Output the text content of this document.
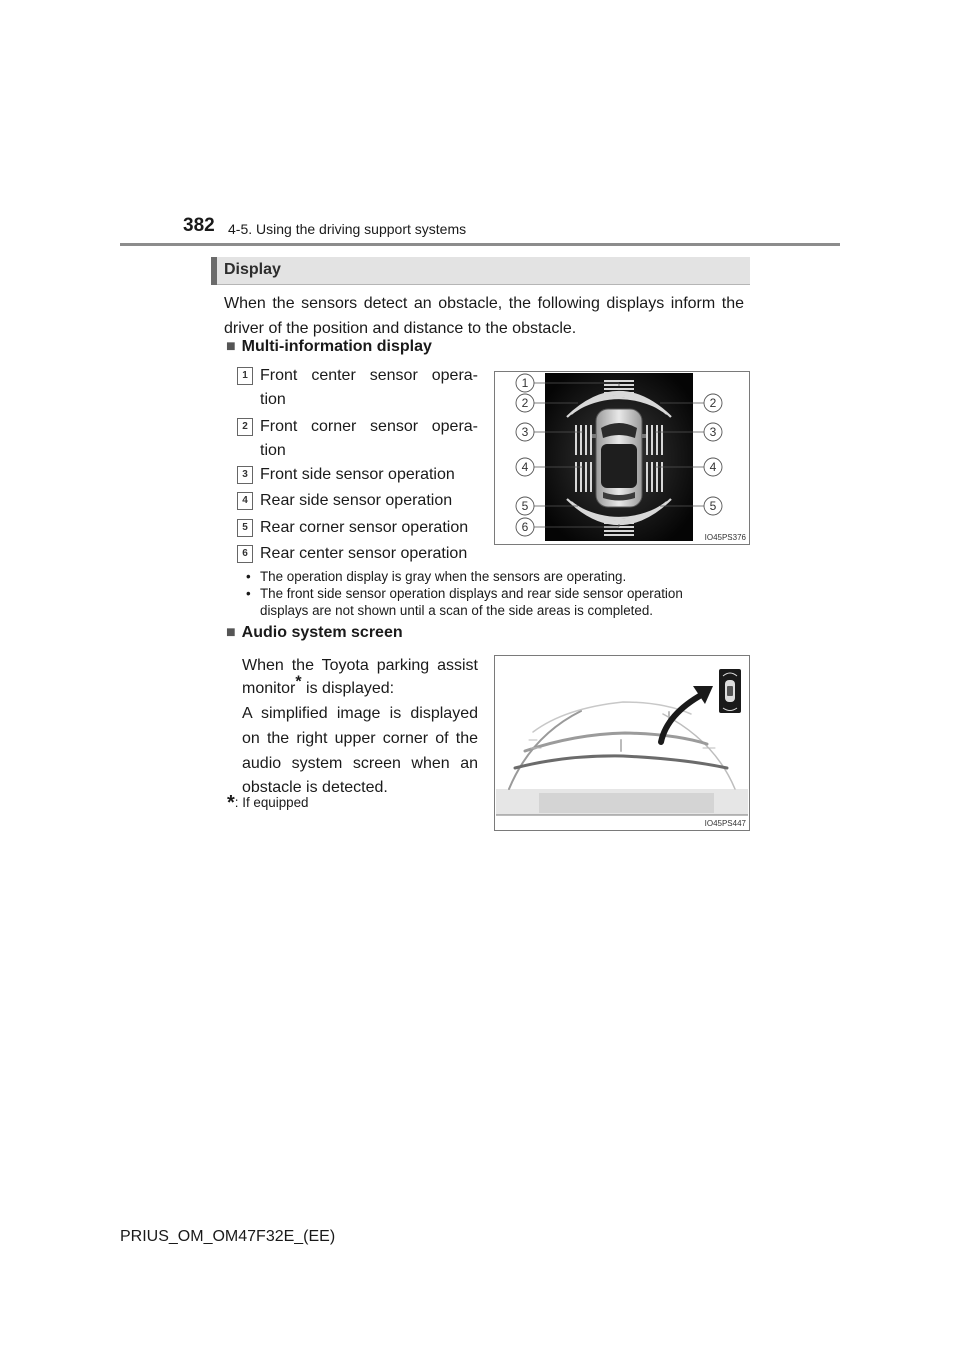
382 4-5. Using the driving support systems
Display
When the sensors detect an obstacle, the following displays inform the driver of the position and distance to the obstacle.
■ Multi-information display
1 Front center sensor opera-
tion
2 Front corner sensor opera-
tion
3 Front side sensor operation
4 Rear side sensor operation
5 Rear corner sensor operation
6 Rear center sensor operation
• The operation display is gray when the sensors are operating.
• The front side sensor operation displays and rear side sensor operation
displays are not shown until a scan of the side areas is completed.
1
2	2
3	3
4	4
5	5
6
IO45PS376
■ Audio system screen
When the Toyota parking assist
monitor* is displayed:
A simplified image is displayed
on the right upper corner of the
audio system screen when an
obstacle is detected.
*: If equipped
IO45PS447
PRIUS_OM_OM47F32E_(EE)
